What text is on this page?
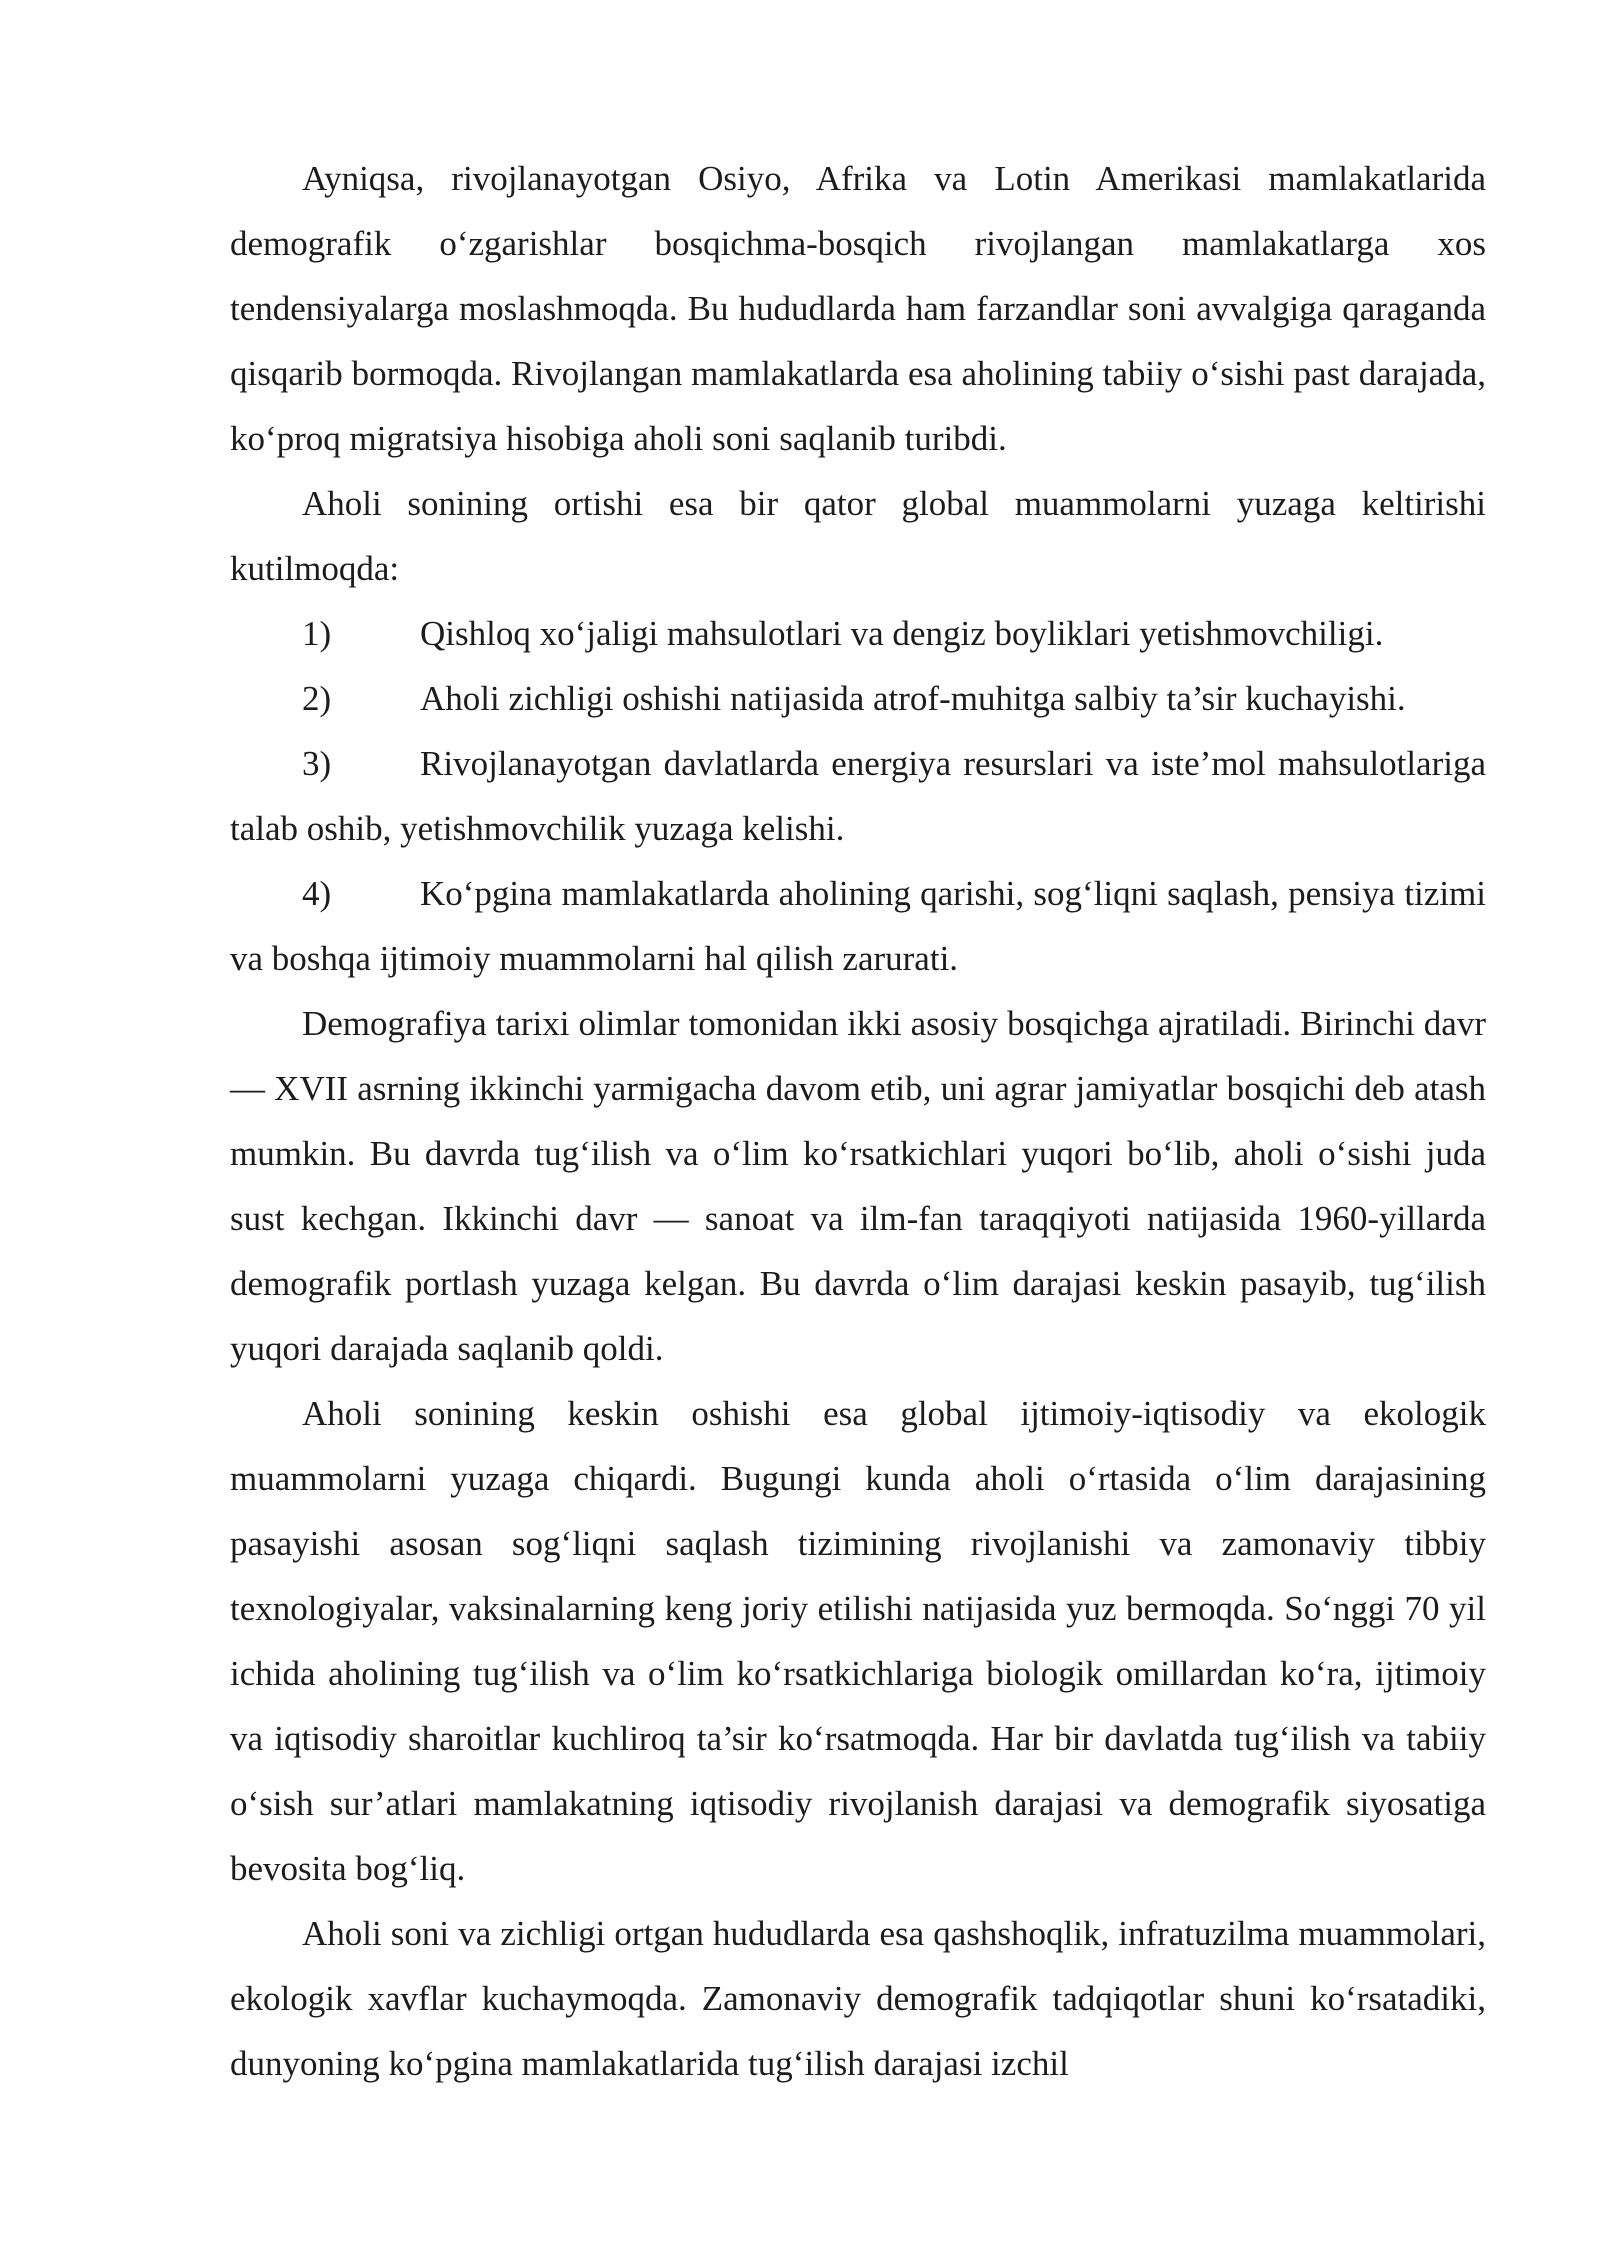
Ayniqsa, rivojlanayotgan Osiyo, Afrika va Lotin Amerikasi mamlakatlarida demografik o‘zgarishlar bosqichma-bosqich rivojlangan mamlakatlarga xos tendensiyalarga moslashmoqda. Bu hududlarda ham farzandlar soni avvalgiga qaraganda qisqarib bormoqda. Rivojlangan mamlakatlarda esa aholining tabiiy o‘sishi past darajada, ko‘proq migratsiya hisobiga aholi soni saqlanib turibdi.

Aholi sonining ortishi esa bir qator global muammolarni yuzaga keltirishi kutilmoqda:

1)	Qishloq xo‘jaligi mahsulotlari va dengiz boyliklari yetishmovchiligi.

2)	Aholi zichligi oshishi natijasida atrof-muhitga salbiy ta’sir kuchayishi.

3)	Rivojlanayotgan davlatlarda energiya resurslari va iste’mol mahsulotlariga talab oshib, yetishmovchilik yuzaga kelishi.

4)	Ko‘pgina mamlakatlarda aholining qarishi, sog‘liqni saqlash, pensiya tizimi va boshqa ijtimoiy muammolarni hal qilish zarurati.

Demografiya tarixi olimlar tomonidan ikki asosiy bosqichga ajratiladi. Birinchi davr — XVII asrning ikkinchi yarmigacha davom etib, uni agrar jamiyatlar bosqichi deb atash mumkin. Bu davrda tug‘ilish va o‘lim ko‘rsatkichlari yuqori bo‘lib, aholi o‘sishi juda sust kechgan. Ikkinchi davr — sanoat va ilm-fan taraqqiyoti natijasida 1960-yillarda demografik portlash yuzaga kelgan. Bu davrda o‘lim darajasi keskin pasayib, tug‘ilish yuqori darajada saqlanib qoldi.

Aholi sonining keskin oshishi esa global ijtimoiy-iqtisodiy va ekologik muammolarni yuzaga chiqardi. Bugungi kunda aholi o‘rtasida o‘lim darajasining pasayishi asosan sog‘liqni saqlash tizimining rivojlanishi va zamonaviy tibbiy texnologiyalar, vaksinalarning keng joriy etilishi natijasida yuz bermoqda. So‘nggi 70 yil ichida aholining tug‘ilish va o‘lim ko‘rsatkichlariga biologik omillardan ko‘ra, ijtimoiy va iqtisodiy sharoitlar kuchliroq ta’sir ko‘rsatmoqda. Har bir davlatda tug‘ilish va tabiiy o‘sish sur’atlari mamlakatning iqtisodiy rivojlanish darajasi va demografik siyosatiga bevosita bog‘liq.

Aholi soni va zichligi ortgan hududlarda esa qashshoqlik, infratuzilma muammolari, ekologik xavflar kuchaymoqda. Zamonaviy demografik tadqiqotlar shuni ko‘rsatadiki, dunyoning ko‘pgina mamlakatlarida tug‘ilish darajasi izchil
